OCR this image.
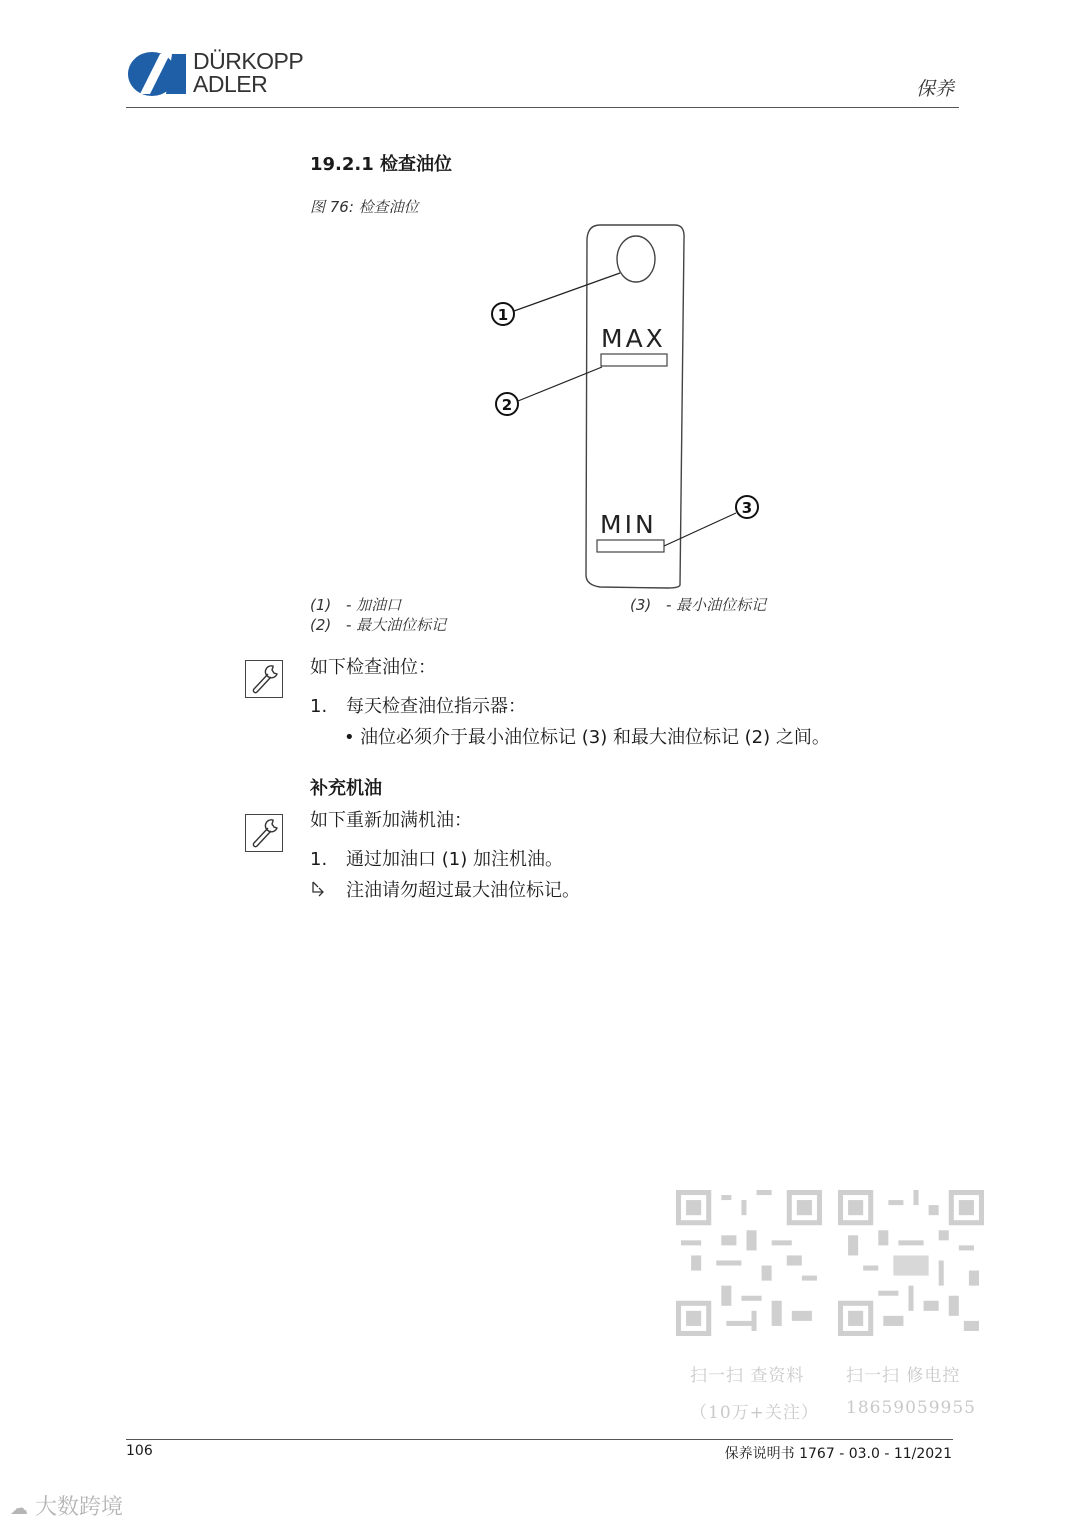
DÜRKOPP
ADLER	保养
19.2.1 检查油位
图 76: 检查油位
MAX
MIN
1
2
3
(1) - 加油口
(2) - 最大油位标记
(3) - 最小油位标记
如下检查油位：
1. 每天检查油位指示器：
• 油位必须介于最小油位标记 (3) 和最大油位标记 (2) 之间。
补充机油
如下重新加满机油：
1. 通过加油口 (1) 加注机油。
注油请勿超过最大油位标记。
扫一扫 查资料
（10万+关注）
扫一扫 修电控
18659059955
106	保养说明书 1767 - 03.0 - 11/2021
☁ 大数跨境
